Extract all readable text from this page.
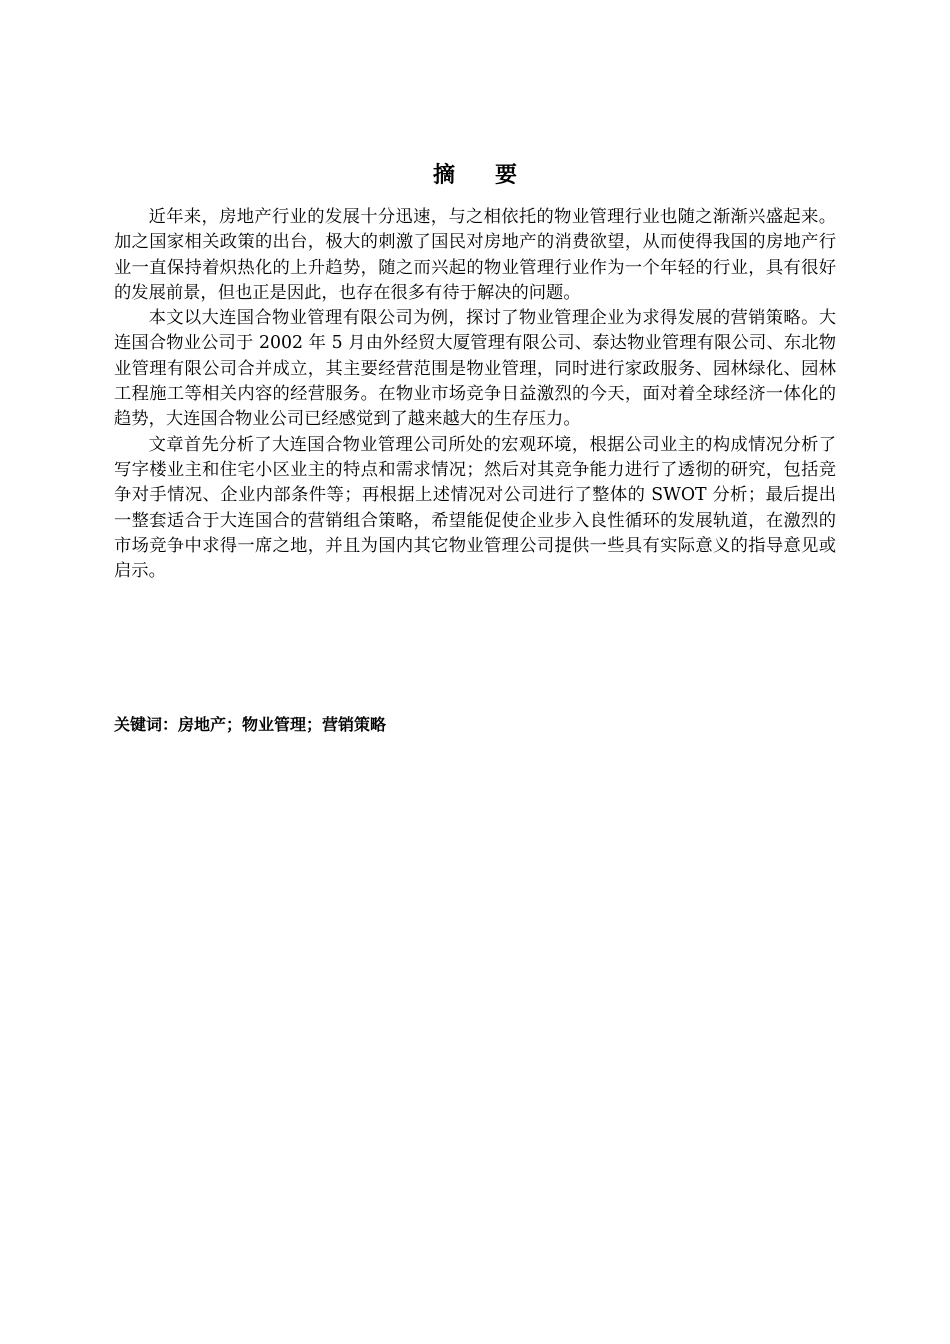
摘要

近年来，房地产行业的发展十分迅速，与之相依托的物业管理行业也随之渐渐兴盛起来。加之国家相关政策的出台，极大的刺激了国民对房地产的消费欲望，从而使得我国的房地产行业一直保持着炽热化的上升趋势，随之而兴起的物业管理行业作为一个年轻的行业，具有很好的发展前景，但也正是因此，也存在很多有待于解决的问题。

本文以大连国合物业管理有限公司为例，探讨了物业管理企业为求得发展的营销策略。大连国合物业公司于 2002 年 5 月由外经贸大厦管理有限公司、泰达物业管理有限公司、东北物业管理有限公司合并成立，其主要经营范围是物业管理，同时进行家政服务、园林绿化、园林工程施工等相关内容的经营服务。在物业市场竞争日益激烈的今天，面对着全球经济一体化的趋势，大连国合物业公司已经感觉到了越来越大的生存压力。

文章首先分析了大连国合物业管理公司所处的宏观环境，根据公司业主的构成情况分析了写字楼业主和住宅小区业主的特点和需求情况；然后对其竞争能力进行了透彻的研究，包括竞争对手情况、企业内部条件等；再根据上述情况对公司进行了整体的 SWOT 分析；最后提出一整套适合于大连国合的营销组合策略，希望能促使企业步入良性循环的发展轨道，在激烈的市场竞争中求得一席之地，并且为国内其它物业管理公司提供一些具有实际意义的指导意见或启示。

关键词：房地产；物业管理；营销策略
